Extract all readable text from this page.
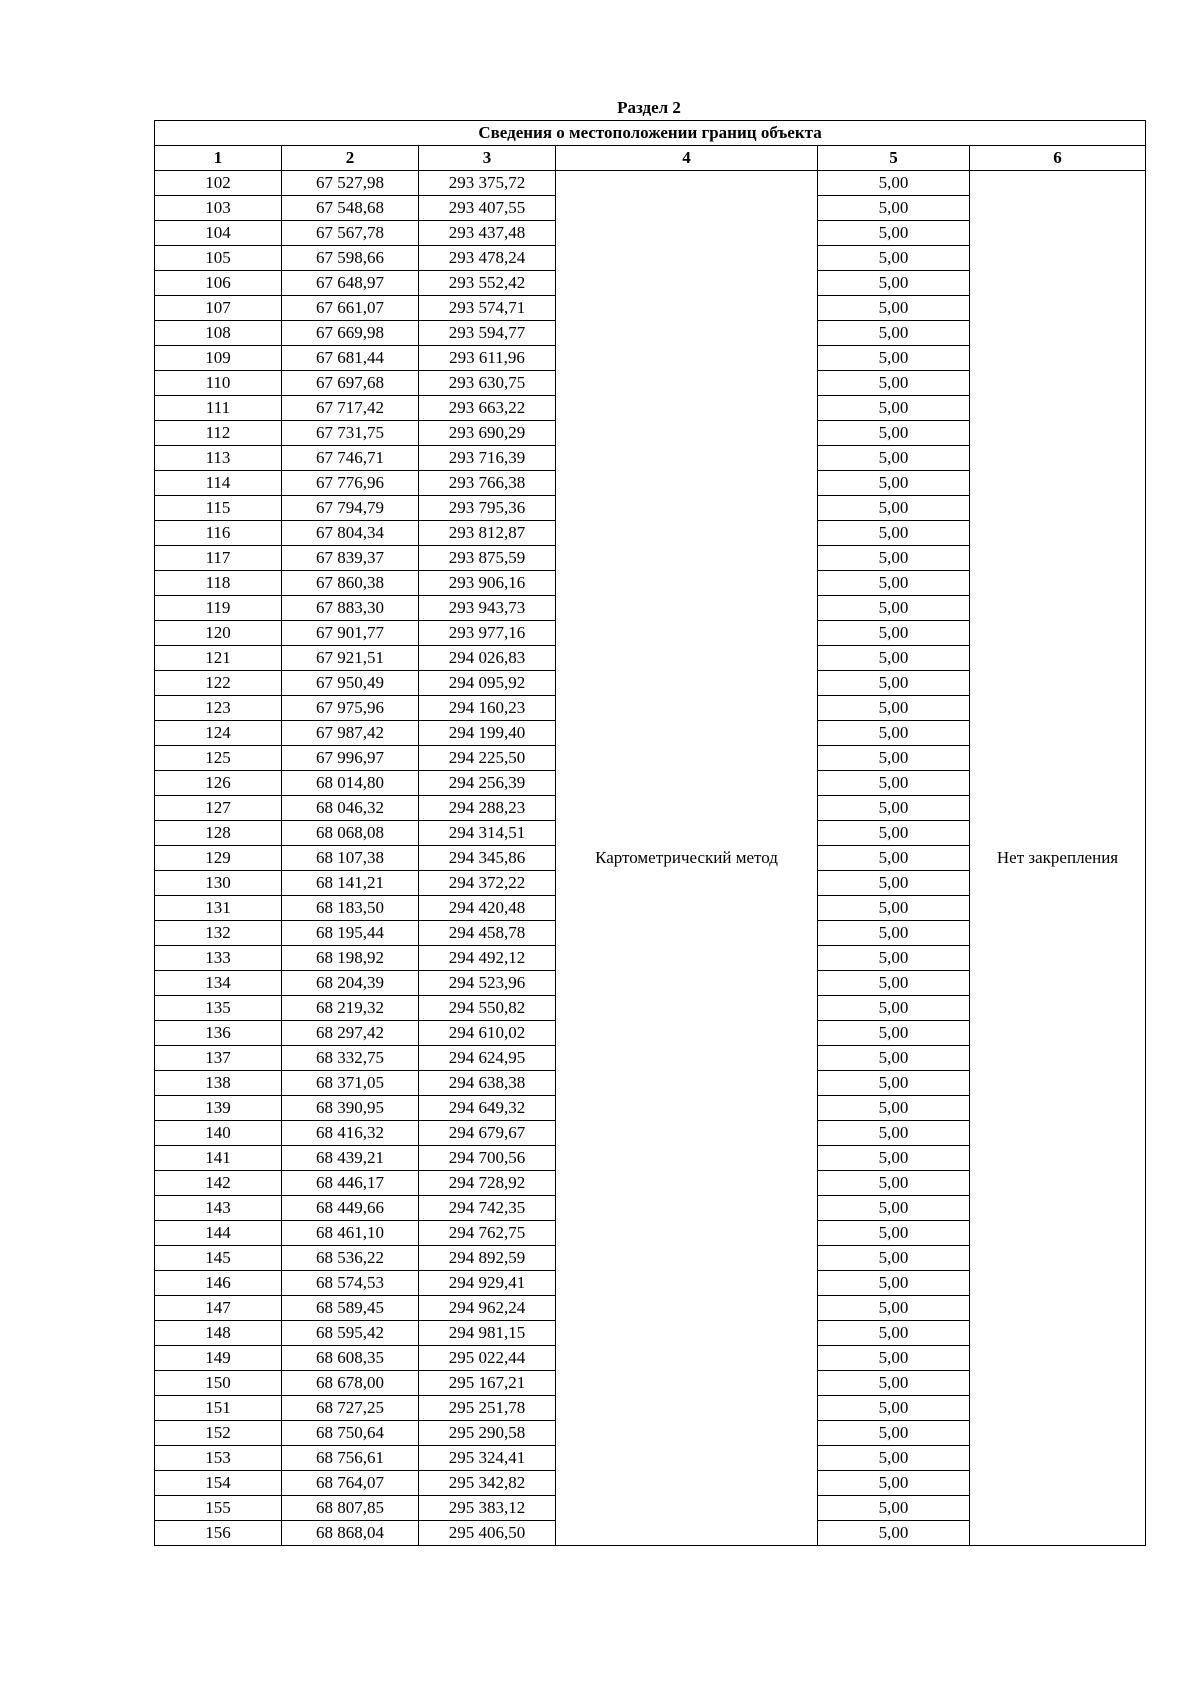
Раздел 2
Сведения о местоположении границ объекта					
1	2	3	4	5	6
102	67 527,98	293 375,72	Картометрический метод	5,00	Нет закрепления
103	67 548,68	293 407,55		5,00	
104	67 567,78	293 437,48		5,00	
105	67 598,66	293 478,24		5,00	
106	67 648,97	293 552,42		5,00	
107	67 661,07	293 574,71		5,00	
108	67 669,98	293 594,77		5,00	
109	67 681,44	293 611,96		5,00	
110	67 697,68	293 630,75		5,00	
111	67 717,42	293 663,22		5,00	
112	67 731,75	293 690,29		5,00	
113	67 746,71	293 716,39		5,00	
114	67 776,96	293 766,38		5,00	
115	67 794,79	293 795,36		5,00	
116	67 804,34	293 812,87		5,00	
117	67 839,37	293 875,59		5,00	
118	67 860,38	293 906,16		5,00	
119	67 883,30	293 943,73		5,00	
120	67 901,77	293 977,16		5,00	
121	67 921,51	294 026,83		5,00	
122	67 950,49	294 095,92		5,00	
123	67 975,96	294 160,23		5,00	
124	67 987,42	294 199,40		5,00	
125	67 996,97	294 225,50		5,00	
126	68 014,80	294 256,39		5,00	
127	68 046,32	294 288,23		5,00	
128	68 068,08	294 314,51		5,00	
129	68 107,38	294 345,86		5,00	
130	68 141,21	294 372,22		5,00	
131	68 183,50	294 420,48		5,00	
132	68 195,44	294 458,78		5,00	
133	68 198,92	294 492,12		5,00	
134	68 204,39	294 523,96		5,00	
135	68 219,32	294 550,82		5,00	
136	68 297,42	294 610,02		5,00	
137	68 332,75	294 624,95		5,00	
138	68 371,05	294 638,38		5,00	
139	68 390,95	294 649,32		5,00	
140	68 416,32	294 679,67		5,00	
141	68 439,21	294 700,56		5,00	
142	68 446,17	294 728,92		5,00	
143	68 449,66	294 742,35		5,00	
144	68 461,10	294 762,75		5,00	
145	68 536,22	294 892,59		5,00	
146	68 574,53	294 929,41		5,00	
147	68 589,45	294 962,24		5,00	
148	68 595,42	294 981,15		5,00	
149	68 608,35	295 022,44		5,00	
150	68 678,00	295 167,21		5,00	
151	68 727,25	295 251,78		5,00	
152	68 750,64	295 290,58		5,00	
153	68 756,61	295 324,41		5,00	
154	68 764,07	295 342,82		5,00	
155	68 807,85	295 383,12		5,00	
156	68 868,04	295 406,50		5,00	
